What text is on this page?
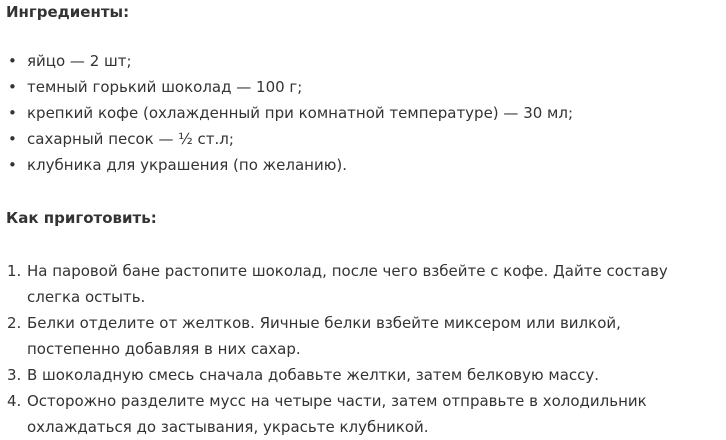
Ингредиенты:
• яйцо — 2 шт;
• темный горький шоколад — 100 г;
• крепкий кофе (охлажденный при комнатной температуре) — 30 мл;
• сахарный песок — ½ ст.л;
• клубника для украшения (по желанию).
Как приготовить:
1. На паровой бане растопите шоколад, после чего взбейте с кофе. Дайте составу слегка остыть.
2. Белки отделите от желтков. Яичные белки взбейте миксером или вилкой, постепенно добавляя в них сахар.
3. В шоколадную смесь сначала добавьте желтки, затем белковую массу.
4. Осторожно разделите мусс на четыре части, затем отправьте в холодильник охлаждаться до застывания, украсьте клубникой.
